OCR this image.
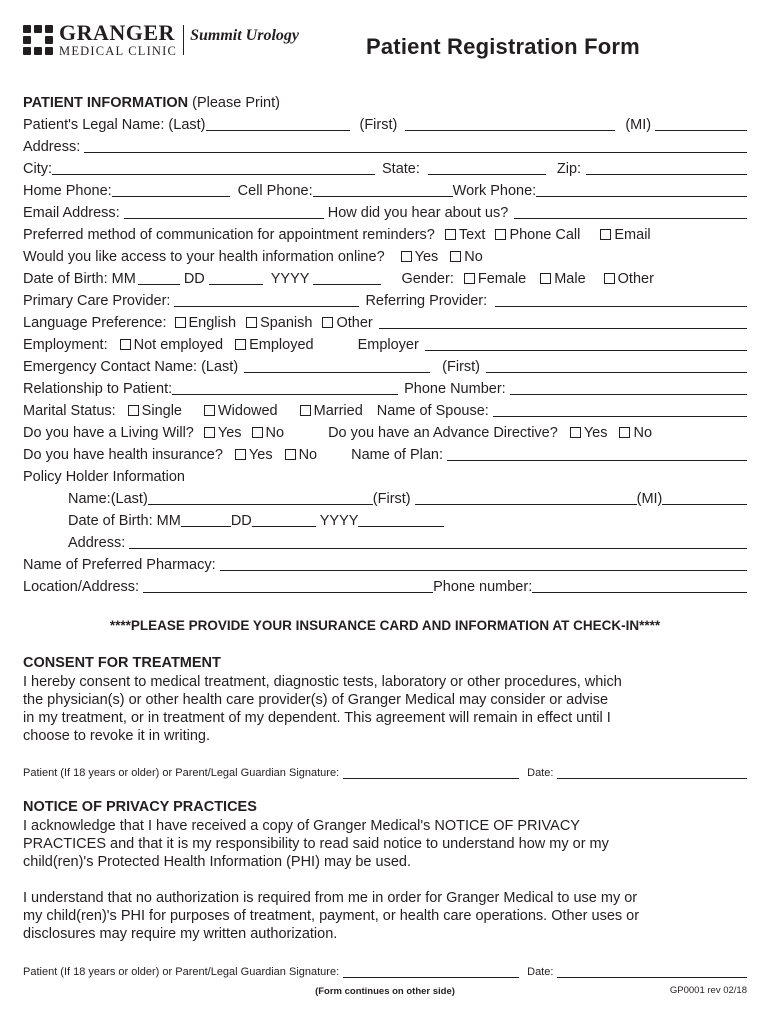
GRANGER
MEDICAL CLINIC
Summit Urology	Patient Registration Form
PATIENT INFORMATION (Please Print)
Patient's Legal Name: (Last)	(First)	(MI)
Address:
City:	State:	Zip:
Home Phone:	Cell Phone:	Work Phone:
Email Address:	How did you hear about us?
Preferred method of communication for appointment reminders? Text Phone Call Email
Would you like access to your health information online? Yes No
Date of Birth: MM	DD	YYYY	Gender: Female Male Other
Primary Care Provider:	Referring Provider:
Language Preference: English Spanish Other
Employment: Not employed Employed	Employer
Emergency Contact Name: (Last)	(First)
Relationship to Patient:	Phone Number:
Marital Status: Single Widowed Married Name of Spouse:
Do you have a Living Will? Yes No	Do you have an Advance Directive? Yes No
Do you have health insurance? Yes No Name of Plan:
Policy Holder Information
Name:(Last)	(First)	(MI)
Date of Birth: MM	DD	YYYY
Address:
Name of Preferred Pharmacy:
Location/Address:	Phone number:
****PLEASE PROVIDE YOUR INSURANCE CARD AND INFORMATION AT CHECK-IN****
CONSENT FOR TREATMENT
I hereby consent to medical treatment, diagnostic tests, laboratory or other procedures, which
the physician(s) or other health care provider(s) of Granger Medical may consider or advise
in my treatment, or in treatment of my dependent. This agreement will remain in effect until I
choose to revoke it in writing.
Patient (If 18 years or older) or Parent/Legal Guardian Signature:	Date:
NOTICE OF PRIVACY PRACTICES
I acknowledge that I have received a copy of Granger Medical's NOTICE OF PRIVACY
PRACTICES and that it is my responsibility to read said notice to understand how my or my
child(ren)'s Protected Health Information (PHI) may be used.
I understand that no authorization is required from me in order for Granger Medical to use my or
my child(ren)'s PHI for purposes of treatment, payment, or health care operations. Other uses or
disclosures may require my written authorization.
Patient (If 18 years or older) or Parent/Legal Guardian Signature:	Date:
(Form continues on other side)	GP0001 rev 02/18
